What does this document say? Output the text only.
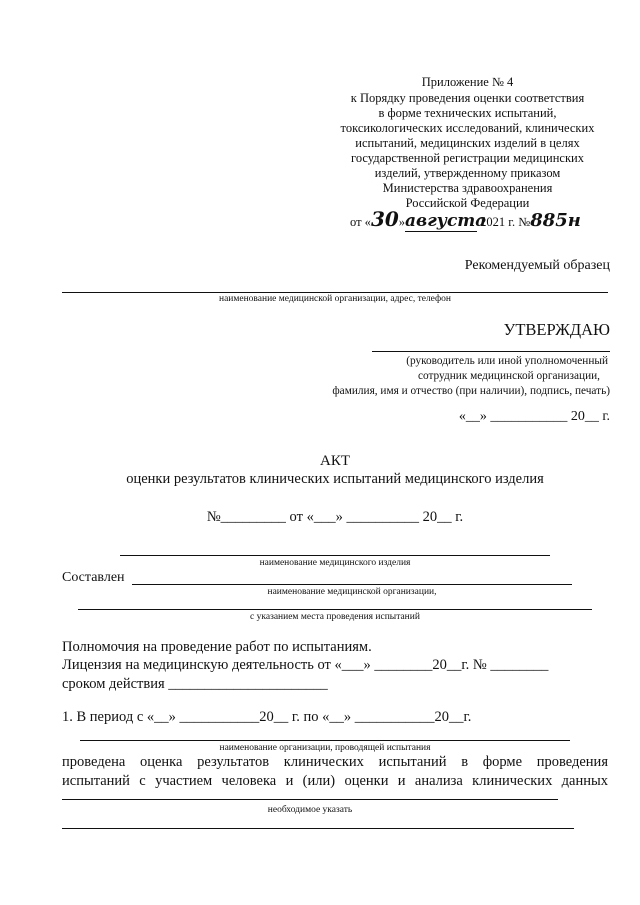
Приложение № 4
к Порядку проведения оценки соответствия
в форме технических испытаний,
токсикологических исследований, клинических
испытаний, медицинских изделий в целях
государственной регистрации медицинских
изделий, утвержденному приказом
Министерства здравоохранения
Российской Федерации
от «30»августа 2021 г. №885н
Рекомендуемый образец
наименование медицинской организации, адрес, телефон
УТВЕРЖДАЮ
(руководитель или иной уполномоченный
сотрудник медицинской организации,
фамилия, имя и отчество (при наличии), подпись, печать)
«__» ___________ 20__ г.
АКТ
оценки результатов клинических испытаний медицинского изделия
№_________ от «___» __________ 20__ г.
наименование медицинского изделия
Составлен
наименование медицинской организации,
с указанием места проведения испытаний
Полномочия на проведение работ по испытаниям.
Лицензия на медицинскую деятельность от «___» ________20__г. № ________
сроком действия ______________________
1. В период с «__» ___________20__ г. по «__» ___________20__г.
наименование организации, проводящей испытания
проведена оценка результатов клинических испытаний в форме проведения
испытаний с участием человека и (или) оценки и анализа клинических данных
необходимое указать
